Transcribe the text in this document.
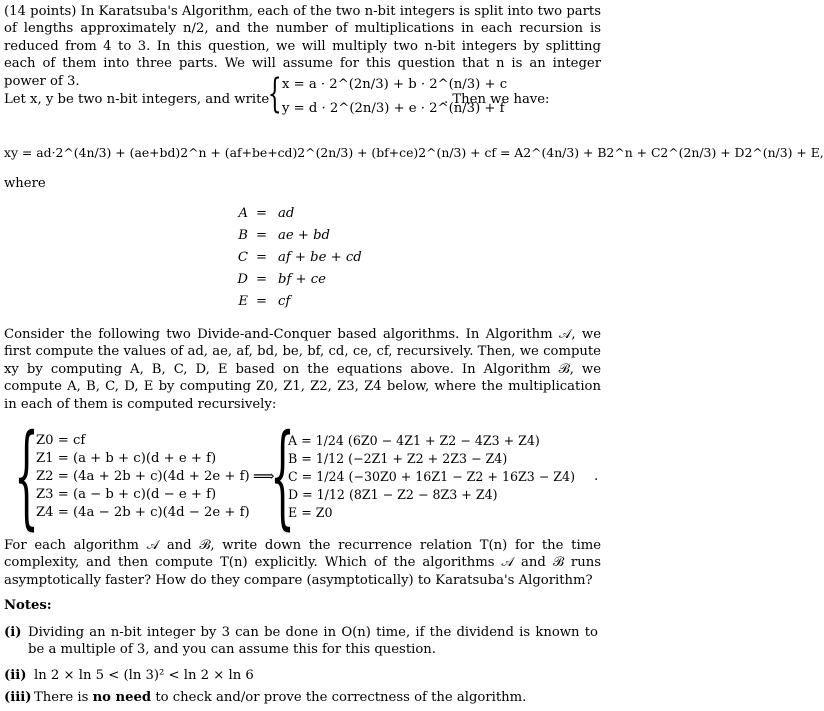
(14 points) In Karatsuba's Algorithm, each of the two n-bit integers is split into two parts of lengths approximately n/2, and the number of multiplications in each recursion is reduced from 4 to 3. In this question, we will multiply two n-bit integers by splitting each of them into three parts. We will assume for this question that n is an integer power of 3.
Let x, y be two n-bit integers, and write
{ x = a · 2^(2n/3) + b · 2^(n/3) + c
y = d · 2^(2n/3) + e · 2^(n/3) + f
. Then we have:
xy = ad·2^(4n/3) + (ae+bd)2^n + (af+be+cd)2^(2n/3) + (bf+ce)2^(n/3) + cf = A2^(4n/3) + B2^n + C2^(2n/3) + D2^(n/3) + E,
where
A = ad
B = ae + bd
C = af + be + cd
D = bf + ce
E = cf
Consider the following two Divide-and-Conquer based algorithms. In Algorithm 𝒜, we first compute the values of ad, ae, af, bd, be, bf, cd, ce, cf, recursively. Then, we compute xy by computing A, B, C, D, E based on the equations above. In Algorithm ℬ, we compute A, B, C, D, E by computing Z0, Z1, Z2, Z3, Z4 below, where the multiplication in each of them is computed recursively:
{
Z0 = cf
Z1 = (a + b + c)(d + e + f)
Z2 = (4a + 2b + c)(4d + 2e + f)
Z3 = (a − b + c)(d − e + f)
Z4 = (4a − 2b + c)(4d − 2e + f)
⟹
{
A = 1/24 (6Z0 − 4Z1 + Z2 − 4Z3 + Z4)
B = 1/12 (−2Z1 + Z2 + 2Z3 − Z4)
C = 1/24 (−30Z0 + 16Z1 − Z2 + 16Z3 − Z4)
D = 1/12 (8Z1 − Z2 − 8Z3 + Z4)
E = Z0
.
For each algorithm 𝒜 and ℬ, write down the recurrence relation T(n) for the time complexity, and then compute T(n) explicitly. Which of the algorithms 𝒜 and ℬ runs asymptotically faster? How do they compare (asymptotically) to Karatsuba's Algorithm?
Notes:
(i) Dividing an n-bit integer by 3 can be done in O(n) time, if the dividend is known to be a multiple of 3, and you can assume this for this question.
(ii) ln 2 × ln 5 < (ln 3)² < ln 2 × ln 6
(iii) There is no need to check and/or prove the correctness of the algorithm.
